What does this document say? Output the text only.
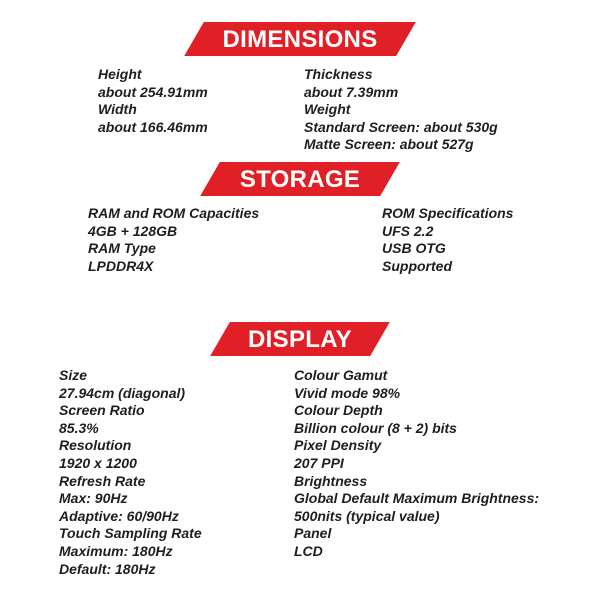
DIMENSIONS
Height
about 254.91mm
Width
about 166.46mm
Thickness
about 7.39mm
Weight
Standard Screen: about 530g
Matte Screen: about 527g
STORAGE
RAM and ROM Capacities
4GB + 128GB
RAM Type
LPDDR4X
ROM Specifications
UFS 2.2
USB OTG
Supported
DISPLAY
Size
27.94cm (diagonal)
Screen Ratio
85.3%
Resolution
1920 x 1200
Refresh Rate
Max: 90Hz
Adaptive: 60/90Hz
Touch Sampling Rate
Maximum: 180Hz
Default: 180Hz
Colour Gamut
Vivid mode 98%
Colour Depth
Billion colour (8 + 2) bits
Pixel Density
207 PPI
Brightness
Global Default Maximum Brightness:
500nits (typical value)
Panel
LCD
